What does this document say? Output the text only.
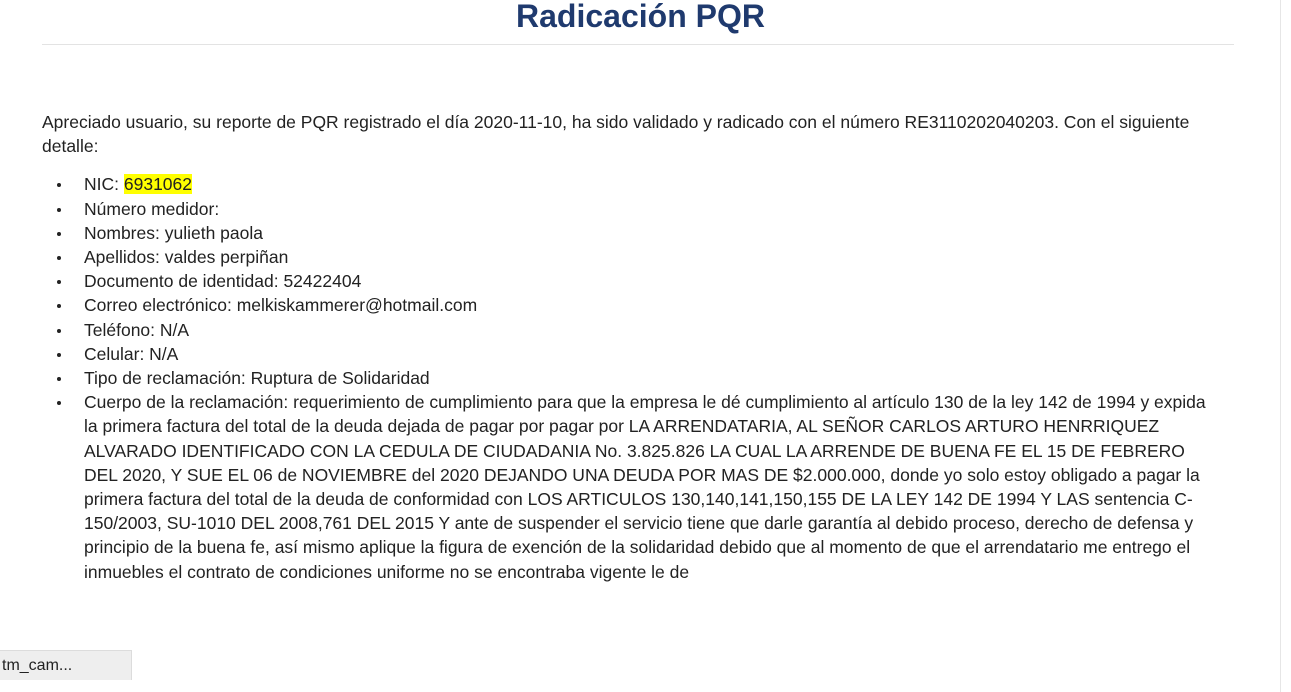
Radicación PQR

Apreciado usuario, su reporte de PQR registrado el día 2020-11-10, ha sido validado y radicado con el número RE3110202040203. Con el siguiente detalle:

NIC: 6931062
Número medidor:
Nombres: yulieth paola
Apellidos: valdes perpiñan
Documento de identidad: 52422404
Correo electrónico: melkiskammerer@hotmail.com
Teléfono: N/A
Celular: N/A
Tipo de reclamación: Ruptura de Solidaridad
Cuerpo de la reclamación: requerimiento de cumplimiento para que la empresa le dé cumplimiento al artículo 130 de la ley 142 de 1994 y expida la primera factura del total de la deuda dejada de pagar por pagar por LA ARRENDATARIA, AL SEÑOR CARLOS ARTURO HENRRIQUEZ ALVARADO IDENTIFICADO CON LA CEDULA DE CIUDADANIA No. 3.825.826 LA CUAL LA ARRENDE DE BUENA FE EL 15 DE FEBRERO DEL 2020, Y SUE EL 06 de NOVIEMBRE del 2020 DEJANDO UNA DEUDA POR MAS DE $2.000.000, donde yo solo estoy obligado a pagar la primera factura del total de la deuda de conformidad con LOS ARTICULOS 130,140,141,150,155 DE LA LEY 142 DE 1994 Y LAS sentencia C-150/2003, SU-1010 DEL 2008,761 DEL 2015 Y ante de suspender el servicio tiene que darle garantía al debido proceso, derecho de defensa y principio de la buena fe, así mismo aplique la figura de exención de la solidaridad debido que al momento de que el arrendatario me entrego el inmuebles el contrato de condiciones uniforme no se encontraba vigente le de
tm_cam...
